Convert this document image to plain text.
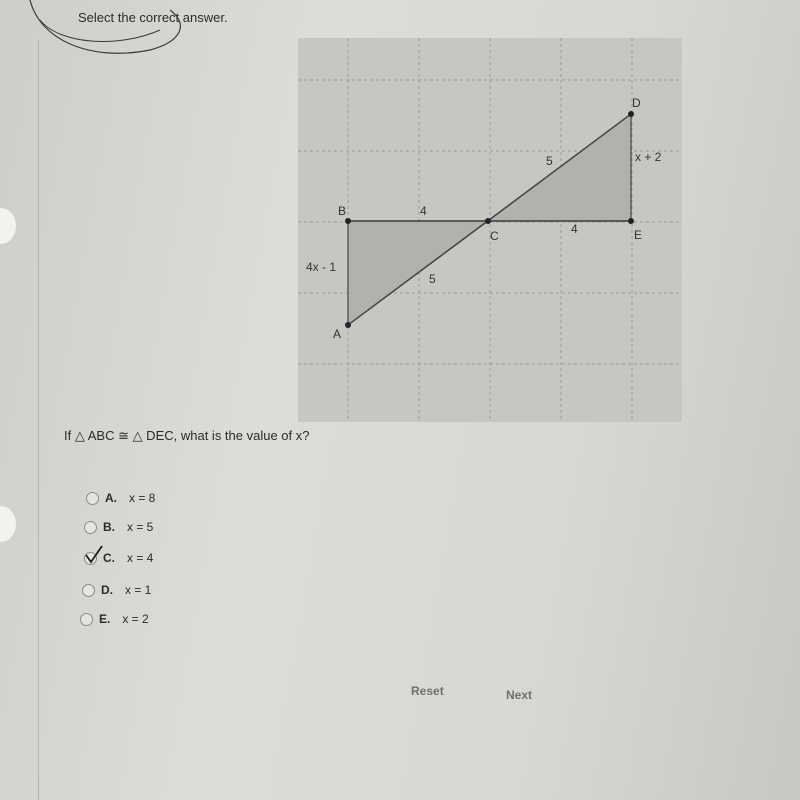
Select the correct answer.
B
C	E
D
A
4x - 1
4
5
5
4
x + 2
If △ ABC ≅ △ DEC, what is the value of x?
A. x = 8
B. x = 5
C. x = 4
D. x = 1
E. x = 2
Reset	Next
